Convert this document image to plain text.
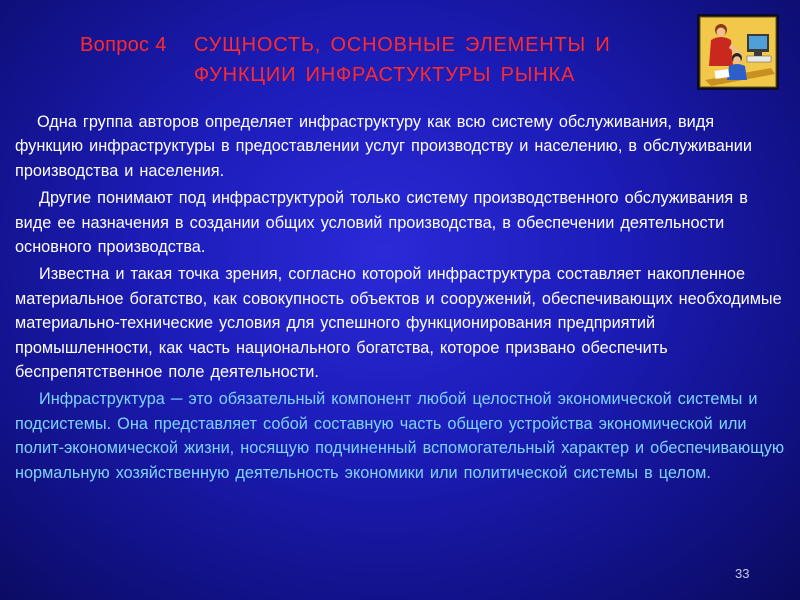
Вопрос 4 СУЩНОСТЬ, ОСНОВНЫЕ ЭЛЕМЕНТЫ И
ФУНКЦИИ ИНФРАСТУКТУРЫ РЫНКА

Одна группа авторов определяет инфраструктуру как всю систему обслуживания, видя функцию инфраструктуры в предоставлении услуг производству и населению, в обслуживании производства и населения.

Другие понимают под инфраструктурой только систему производственного обслуживания в виде ее назначения в создании общих условий производства, в обеспечении деятельности основного производства.

Известна и такая точка зрения, согласно которой инфраструктура составляет накопленное материальное богатство, как совокупность объектов и сооружений, обеспечивающих необходимые материально-технические условия для успешного функционирования предприятий промышленности, как часть национального богатства, которое призвано обеспечить беспрепятственное поле деятельности.

Инфраструктура ─ это обязательный компонент любой целостной экономической системы и подсистемы. Она представляет собой составную часть общего устройства экономической или полит-экономической жизни, носящую подчиненный вспомогательный характер и обеспечивающую нормальную хозяйственную деятельность экономики или политической системы в целом.

33
